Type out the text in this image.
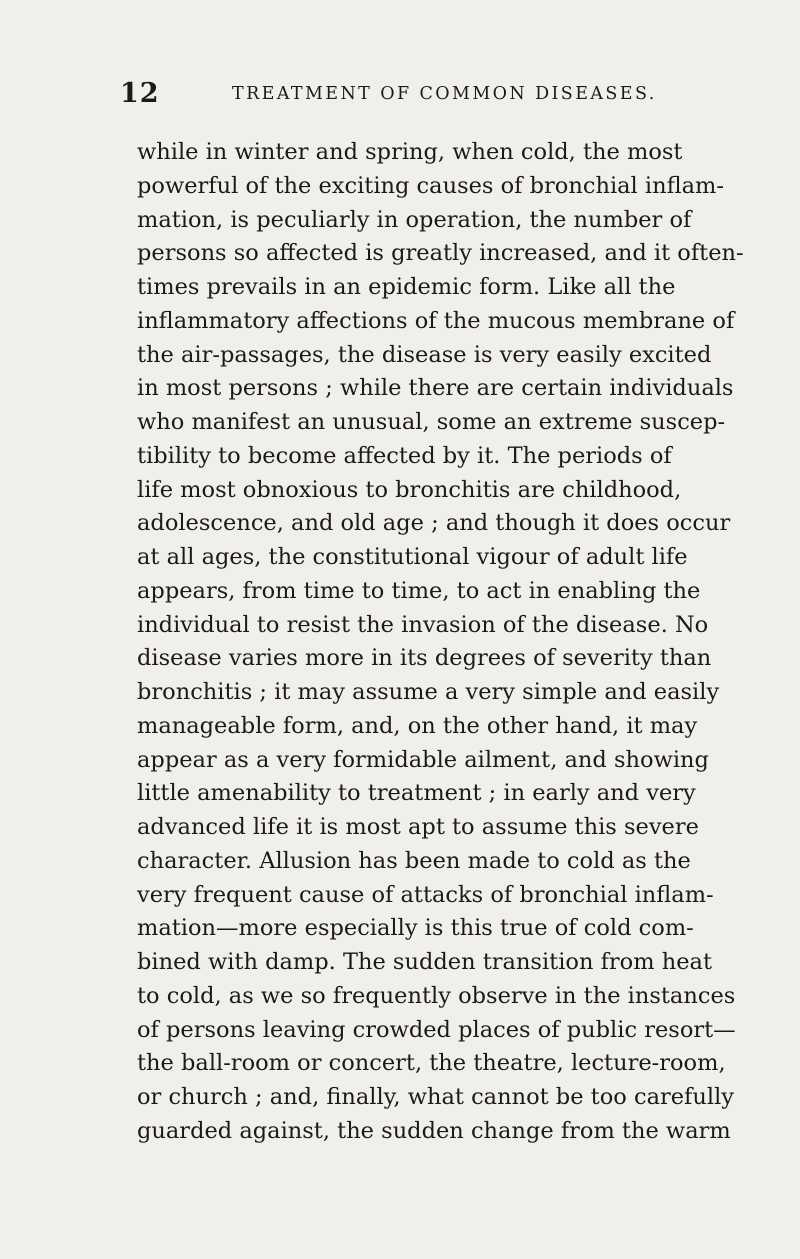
12	TREATMENT OF COMMON DISEASES.
while in winter and spring, when cold, the most
powerful of the exciting causes of bronchial inflam-
mation, is peculiarly in operation, the number of
persons so affected is greatly increased, and it often-
times prevails in an epidemic form. Like all the
inflammatory affections of the mucous membrane of
the air-passages, the disease is very easily excited
in most persons ; while there are certain individuals
who manifest an unusual, some an extreme suscep-
tibility to become affected by it. The periods of
life most obnoxious to bronchitis are childhood,
adolescence, and old age ; and though it does occur
at all ages, the constitutional vigour of adult life
appears, from time to time, to act in enabling the
individual to resist the invasion of the disease. No
disease varies more in its degrees of severity than
bronchitis ; it may assume a very simple and easily
manageable form, and, on the other hand, it may
appear as a very formidable ailment, and showing
little amenability to treatment ; in early and very
advanced life it is most apt to assume this severe
character. Allusion has been made to cold as the
very frequent cause of attacks of bronchial inflam-
mation—more especially is this true of cold com-
bined with damp. The sudden transition from heat
to cold, as we so frequently observe in the instances
of persons leaving crowded places of public resort—
the ball-room or concert, the theatre, lecture-room,
or church ; and, finally, what cannot be too carefully
guarded against, the sudden change from the warm
